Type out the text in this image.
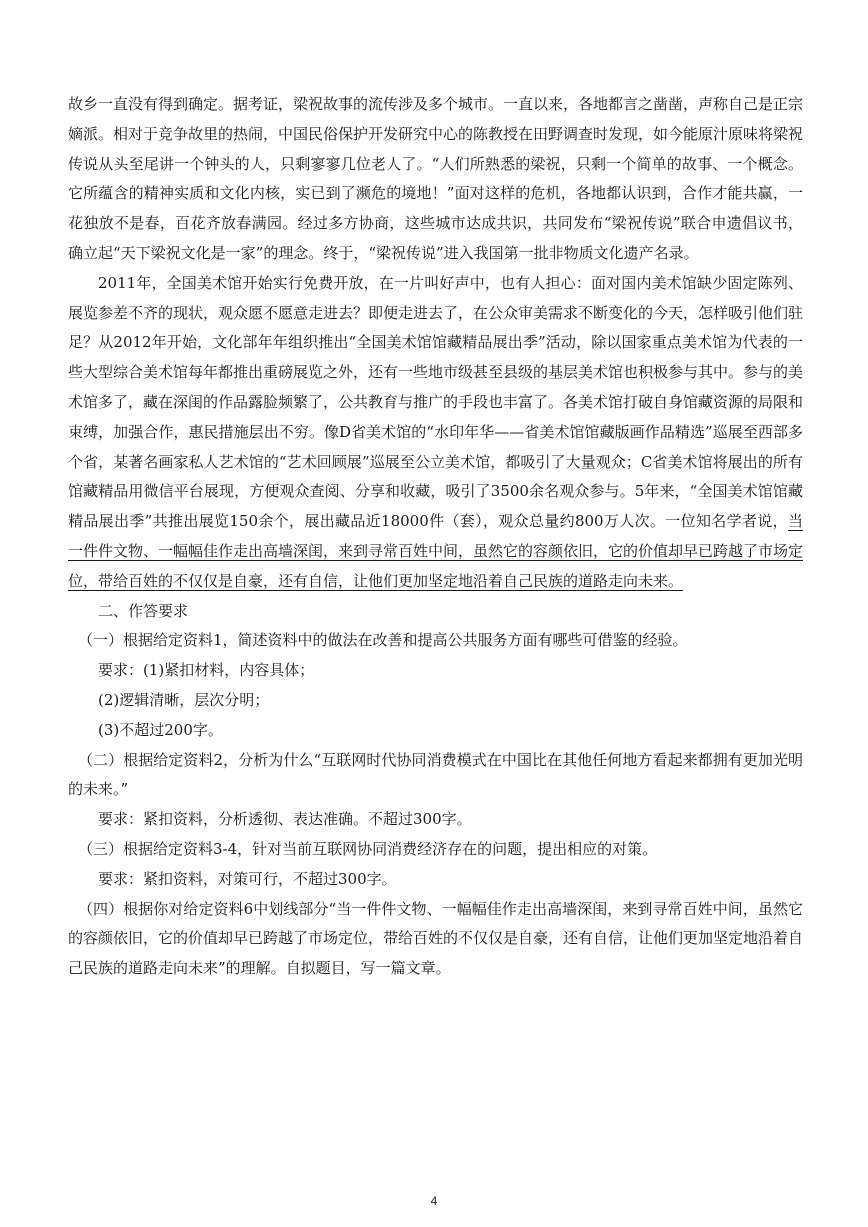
故乡一直没有得到确定。据考证，梁祝故事的流传涉及多个城市。一直以来，各地都言之凿凿，声称自己是正宗嫡派。相对于竞争故里的热闹，中国民俗保护开发研究中心的陈教授在田野调查时发现，如今能原汁原味将梁祝传说从头至尾讲一个钟头的人，只剩寥寥几位老人了。“人们所熟悉的梁祝，只剩一个简单的故事、一个概念。它所蕴含的精神实质和文化内核，实已到了濒危的境地！”面对这样的危机，各地都认识到，合作才能共赢，一花独放不是春，百花齐放春满园。经过多方协商，这些城市达成共识，共同发布“梁祝传说”联合申遗倡议书，确立起“天下梁祝文化是一家”的理念。终于，“梁祝传说”进入我国第一批非物质文化遗产名录。

2011年，全国美术馆开始实行免费开放，在一片叫好声中，也有人担心：面对国内美术馆缺少固定陈列、展览参差不齐的现状，观众愿不愿意走进去？即便走进去了，在公众审美需求不断变化的今天，怎样吸引他们驻足？从2012年开始，文化部年年组织推出“全国美术馆馆藏精品展出季”活动，除以国家重点美术馆为代表的一些大型综合美术馆每年都推出重磅展览之外，还有一些地市级甚至县级的基层美术馆也积极参与其中。参与的美术馆多了，藏在深闺的作品露脸频繁了，公共教育与推广的手段也丰富了。各美术馆打破自身馆藏资源的局限和束缚，加强合作，惠民措施层出不穷。像D省美术馆的“水印年华——省美术馆馆藏版画作品精选”巡展至西部多个省，某著名画家私人艺术馆的“艺术回顾展”巡展至公立美术馆，都吸引了大量观众；C省美术馆将展出的所有馆藏精品用微信平台展现，方便观众查阅、分享和收藏，吸引了3500余名观众参与。5年来，“全国美术馆馆藏精品展出季”共推出展览150余个，展出藏品近18000件（套），观众总量约800万人次。一位知名学者说，当一件件文物、一幅幅佳作走出高墙深闺，来到寻常百姓中间，虽然它的容颜依旧，它的价值却早已跨越了市场定位，带给百姓的不仅仅是自豪，还有自信，让他们更加坚定地沿着自己民族的道路走向未来。

二、作答要求

（一）根据给定资料1，简述资料中的做法在改善和提高公共服务方面有哪些可借鉴的经验。

要求：(1)紧扣材料，内容具体；

(2)逻辑清晰，层次分明；

(3)不超过200字。

（二）根据给定资料2，分析为什么“互联网时代协同消费模式在中国比在其他任何地方看起来都拥有更加光明的未来。”

要求：紧扣资料，分析透彻、表达准确。不超过300字。

（三）根据给定资料3-4，针对当前互联网协同消费经济存在的问题，提出相应的对策。

要求：紧扣资料，对策可行，不超过300字。

（四）根据你对给定资料6中划线部分“当一件件文物、一幅幅佳作走出高墙深闺，来到寻常百姓中间，虽然它的容颜依旧，它的价值却早已跨越了市场定位，带给百姓的不仅仅是自豪，还有自信，让他们更加坚定地沿着自己民族的道路走向未来”的理解。自拟题目，写一篇文章。

4
